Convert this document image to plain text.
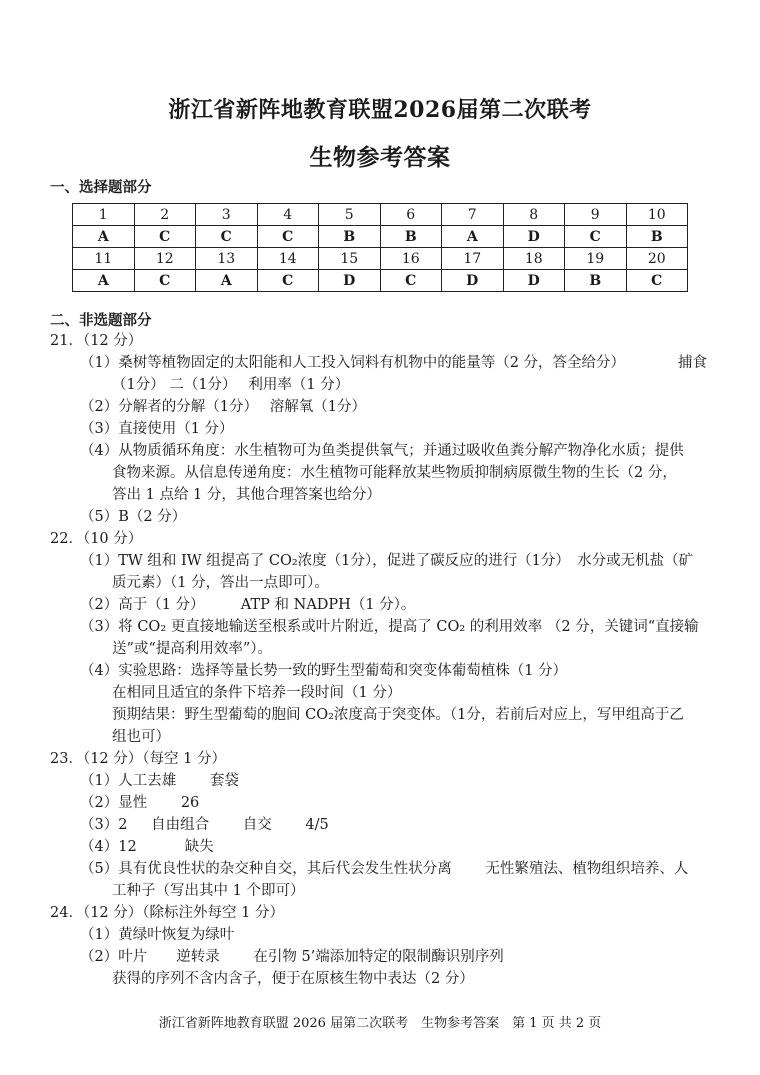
浙江省新阵地教育联盟2026届第二次联考
生物参考答案
一、选择题部分
1	2	3	4	5	6	7	8	9	10
A	C	C	C	B	B	A	D	C	B
11	12	13	14	15	16	17	18	19	20
A	C	A	C	D	C	D	D	B	C
二、非选题部分
21．（12 分）
（1）桑树等植物固定的太阳能和人工投入饲料有机物中的能量等（2 分，答全给分）	捕食
（1分） 二（1分）　 利用率（1 分）
（2）分解者的分解（1分）　 溶解氧（1分）
（3）直接使用（1 分）
（4）从物质循环角度：水生植物可为鱼类提供氧气；并通过吸收鱼粪分解产物净化水质；提供
食物来源。从信息传递角度：水生植物可能释放某些物质抑制病原微生物的生长（2 分，
答出 1 点给 1 分，其他合理答案也给分）
（5）B（2 分）
22．（10 分）
（1）TW 组和 IW 组提高了 CO₂浓度（1分），促进了碳反应的进行（1分）　水分或无机盐（矿
质元素）（1 分，答出一点即可）。
（2）高于（1 分）　　　ATP 和 NADPH（1 分）。
（3）将 CO₂ 更直接地输送至根系或叶片附近，提高了 CO₂ 的利用效率 （2 分，关键词“直接输
送”或“提高利用效率”）。
（4）实验思路：选择等量长势一致的野生型葡萄和突变体葡萄植株（1 分）
在相同且适宜的条件下培养一段时间（1 分）
预期结果：野生型葡萄的胞间 CO₂浓度高于突变体。（1分，若前后对应上，写甲组高于乙
组也可）
23．（12 分）（每空 1 分）
（1）人工去雄　　 套袋
（2）显性　　 26
（3）2 　 自由组合　　 自交　　 4/5
（4）12　　　 缺失
（5）具有优良性状的杂交种自交，其后代会发生性状分离　　 无性繁殖法、植物组织培养、人
工种子（写出其中 1 个即可）
24．（12 分）（除标注外每空 1 分）
（1）黄绿叶恢复为绿叶
（2）叶片　　逆转录　　 在引物 5’端添加特定的限制酶识别序列
获得的序列不含内含子，便于在原核生物中表达（2 分）
浙江省新阵地教育联盟 2026 届第二次联考　生物参考答案　第 1 页 共 2 页
